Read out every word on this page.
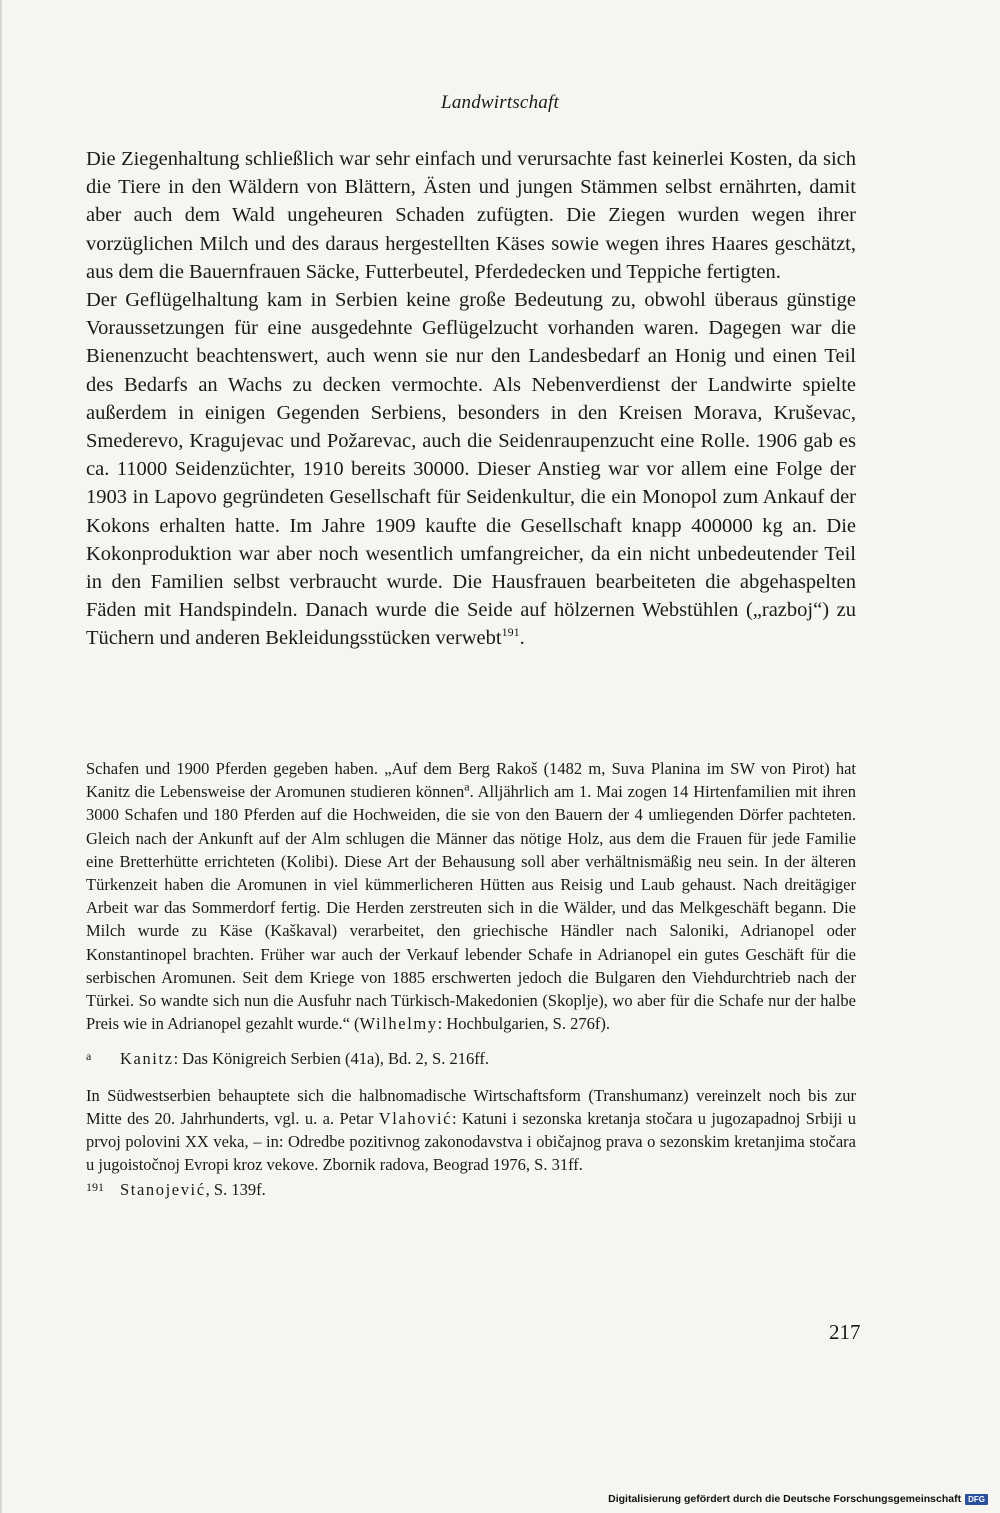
Landwirtschaft

Die Ziegenhaltung schließlich war sehr einfach und verursachte fast keinerlei Kosten, da sich die Tiere in den Wäldern von Blättern, Ästen und jungen Stämmen selbst ernährten, damit aber auch dem Wald ungeheuren Schaden zufügten. Die Ziegen wurden wegen ihrer vorzüglichen Milch und des daraus hergestellten Käses sowie wegen ihres Haares geschätzt, aus dem die Bauernfrauen Säcke, Futterbeutel, Pferdedecken und Teppiche fertigten.

Der Geflügelhaltung kam in Serbien keine große Bedeutung zu, obwohl überaus günstige Voraussetzungen für eine ausgedehnte Geflügelzucht vorhanden waren. Dagegen war die Bienenzucht beachtenswert, auch wenn sie nur den Landesbedarf an Honig und einen Teil des Bedarfs an Wachs zu decken vermochte. Als Nebenverdienst der Landwirte spielte außerdem in einigen Gegenden Serbiens, besonders in den Kreisen Morava, Kruševac, Smederevo, Kragujevac und Požarevac, auch die Seidenraupenzucht eine Rolle. 1906 gab es ca. 11000 Seidenzüchter, 1910 bereits 30000. Dieser Anstieg war vor allem eine Folge der 1903 in Lapovo gegründeten Gesellschaft für Seidenkultur, die ein Monopol zum Ankauf der Kokons erhalten hatte. Im Jahre 1909 kaufte die Gesellschaft knapp 400000 kg an. Die Kokonproduktion war aber noch wesentlich umfangreicher, da ein nicht unbedeutender Teil in den Familien selbst verbraucht wurde. Die Hausfrauen bearbeiteten die abgehaspelten Fäden mit Handspindeln. Danach wurde die Seide auf hölzernen Webstühlen („razboj“) zu Tüchern und anderen Bekleidungsstücken verwebt$^{191}$.

Schafen und 1900 Pferden gegeben haben. „Auf dem Berg Rakoš (1482 m, Suva Planina im SW von Pirot) hat Kanitz die Lebensweise der Aromunen studieren können$^a$. Alljährlich am 1. Mai zogen 14 Hirtenfamilien mit ihren 3000 Schafen und 180 Pferden auf die Hochweiden, die sie von den Bauern der 4 umliegenden Dörfer pachteten. Gleich nach der Ankunft auf der Alm schlugen die Männer das nötige Holz, aus dem die Frauen für jede Familie eine Bretterhütte errichteten (Kolibi). Diese Art der Behausung soll aber verhältnismäßig neu sein. In der älteren Türkenzeit haben die Aromunen in viel kümmerlicheren Hütten aus Reisig und Laub gehaust. Nach dreitägiger Arbeit war das Sommerdorf fertig. Die Herden zerstreuten sich in die Wälder, und das Melkgeschäft begann. Die Milch wurde zu Käse (Kaškaval) verarbeitet, den griechische Händler nach Saloniki, Adrianopel oder Konstantinopel brachten. Früher war auch der Verkauf lebender Schafe in Adrianopel ein gutes Geschäft für die serbischen Aromunen. Seit dem Kriege von 1885 erschwerten jedoch die Bulgaren den Viehdurchtrieb nach der Türkei. So wandte sich nun die Ausfuhr nach Türkisch-Makedonien (Skoplje), wo aber für die Schafe nur der halbe Preis wie in Adrianopel gezahlt wurde.“ (Wilhelmy: Hochbulgarien, S. 276f).

a Kanitz: Das Königreich Serbien (41a), Bd. 2, S. 216ff.

In Südwestserbien behauptete sich die halbnomadische Wirtschaftsform (Transhumanz) vereinzelt noch bis zur Mitte des 20. Jahrhunderts, vgl. u. a. Petar Vlahović: Katuni i sezonska kretanja stočara u jugozapadnoj Srbiji u prvoj polovini XX veka, – in: Odredbe pozitivnog zakonodavstva i običajnog prava o sezonskim kretanjima stočara u jugoistočnoj Evropi kroz vekove. Zbornik radova, Beograd 1976, S. 31ff.

191 Stanojević, S. 139f.

217
Digitalisierung gefördert durch die Deutsche Forschungsgemeinschaft DFG
